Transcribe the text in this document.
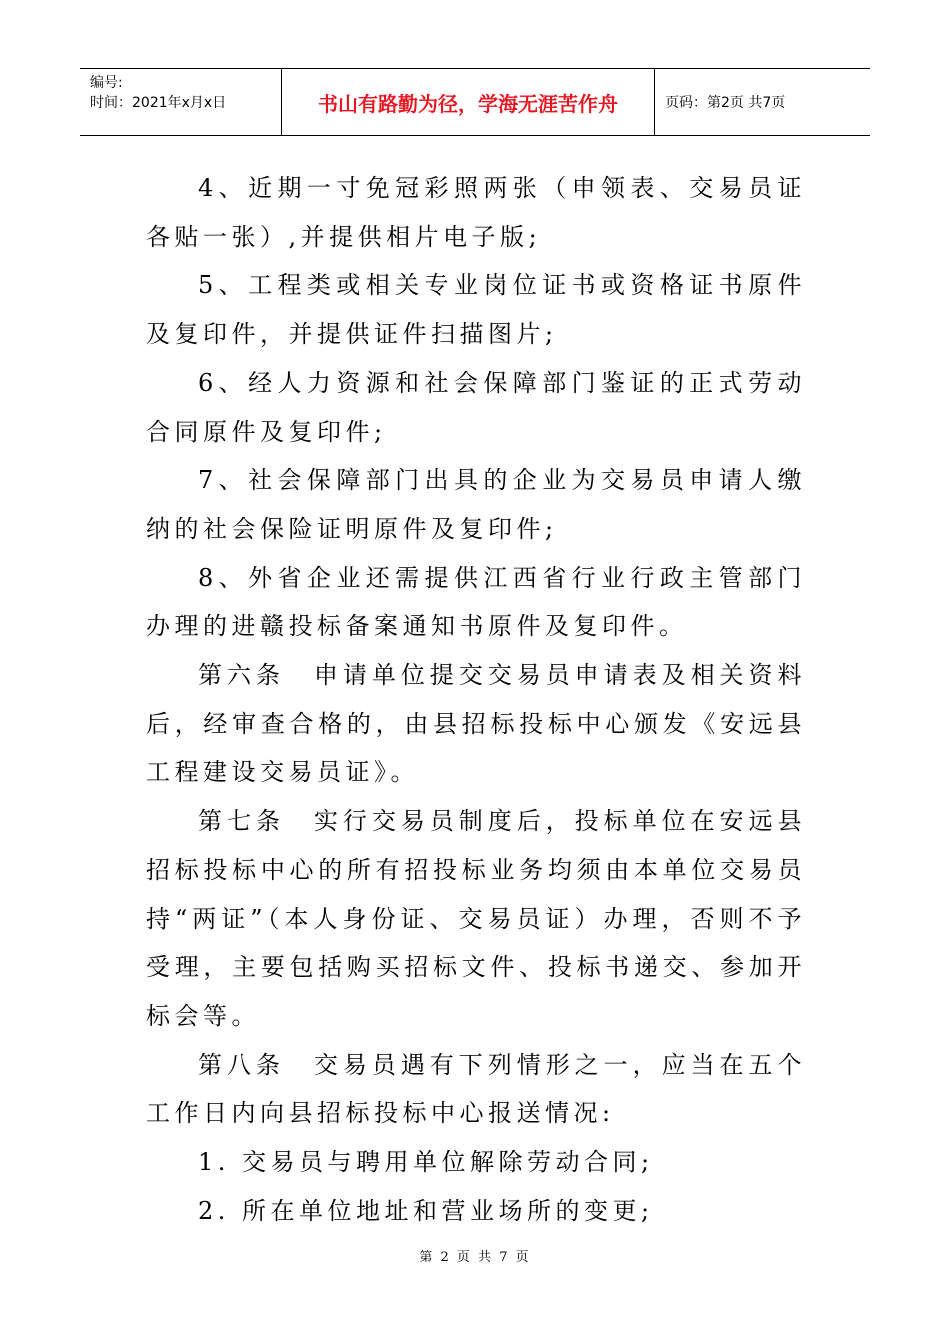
编号:
时间：2021年x月x日	书山有路勤为径，学海无涯苦作舟	页码：第2页 共7页

4、近期一寸免冠彩照两张（申领表、交易员证各贴一张）,并提供相片电子版;

5、工程类或相关专业岗位证书或资格证书原件及复印件，并提供证件扫描图片;

6、经人力资源和社会保障部门鉴证的正式劳动合同原件及复印件;

7、社会保障部门出具的企业为交易员申请人缴纳的社会保险证明原件及复印件;

8、外省企业还需提供江西省行业行政主管部门办理的进赣投标备案通知书原件及复印件。

第六条　申请单位提交交易员申请表及相关资料后，经审查合格的，由县招标投标中心颁发《安远县工程建设交易员证》。

第七条　实行交易员制度后，投标单位在安远县招标投标中心的所有招投标业务均须由本单位交易员持“两证”（本人身份证、交易员证）办理，否则不予受理，主要包括购买招标文件、投标书递交、参加开标会等。

第八条　交易员遇有下列情形之一，应当在五个工作日内向县招标投标中心报送情况:

1. 交易员与聘用单位解除劳动合同;

2. 所在单位地址和营业场所的变更;

第 2 页 共 7 页
